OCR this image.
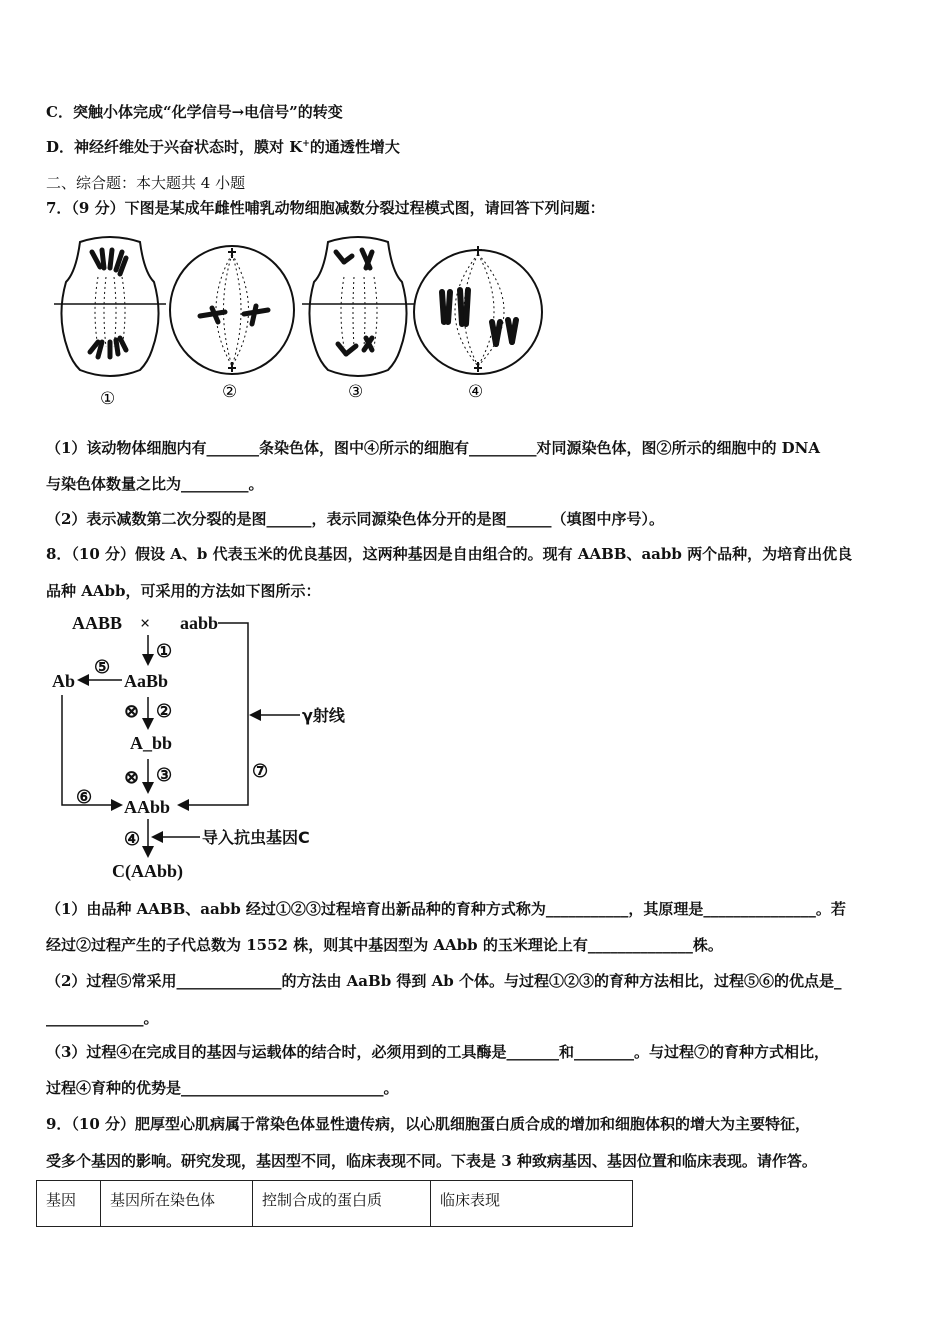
C．突触小体完成“化学信号→电信号”的转变
D．神经纤维处于兴奋状态时，膜对 K+的通透性增大
二、综合题：本大题共 4 小题
7．（9 分）下图是某成年雌性哺乳动物细胞减数分裂过程模式图，请回答下列问题：
①	②	③	④
（1）该动物体细胞内有_______条染色体，图中④所示的细胞有_________对同源染色体，图②所示的细胞中的 DNA
与染色体数量之比为_________。
（2）表示减数第二次分裂的是图______，表示同源染色体分开的是图______（填图中序号）。
8．（10 分）假设 A、b 代表玉米的优良基因，这两种基因是自由组合的。现有 AABB、aabb 两个品种，为培育出优良
品种 AAbb，可采用的方法如下图所示：
AABB × aabb
①
AaBb
⑤
Ab
⑥
⊗ ②	γ射线
A_bb
⊗ ③	⑦
AAbb
④	导入抗虫基因C
C(AAbb)
（1）由品种 AABB、aabb 经过①②③过程培育出新品种的育种方式称为___________，其原理是_______________。若
经过②过程产生的子代总数为 1552 株，则其中基因型为 AAbb 的玉米理论上有______________株。
（2）过程⑤常采用______________的方法由 AaBb 得到 Ab 个体。与过程①②③的育种方法相比，过程⑤⑥的优点是_
_____________。
（3）过程④在完成目的基因与运载体的结合时，必须用到的工具酶是_______和________。与过程⑦的育种方式相比，
过程④育种的优势是___________________________。
9．（10 分）肥厚型心肌病属于常染色体显性遗传病，以心肌细胞蛋白质合成的增加和细胞体积的增大为主要特征，
受多个基因的影响。研究发现，基因型不同，临床表现不同。下表是 3 种致病基因、基因位置和临床表现。请作答。
基因	基因所在染色体	控制合成的蛋白质	临床表现
